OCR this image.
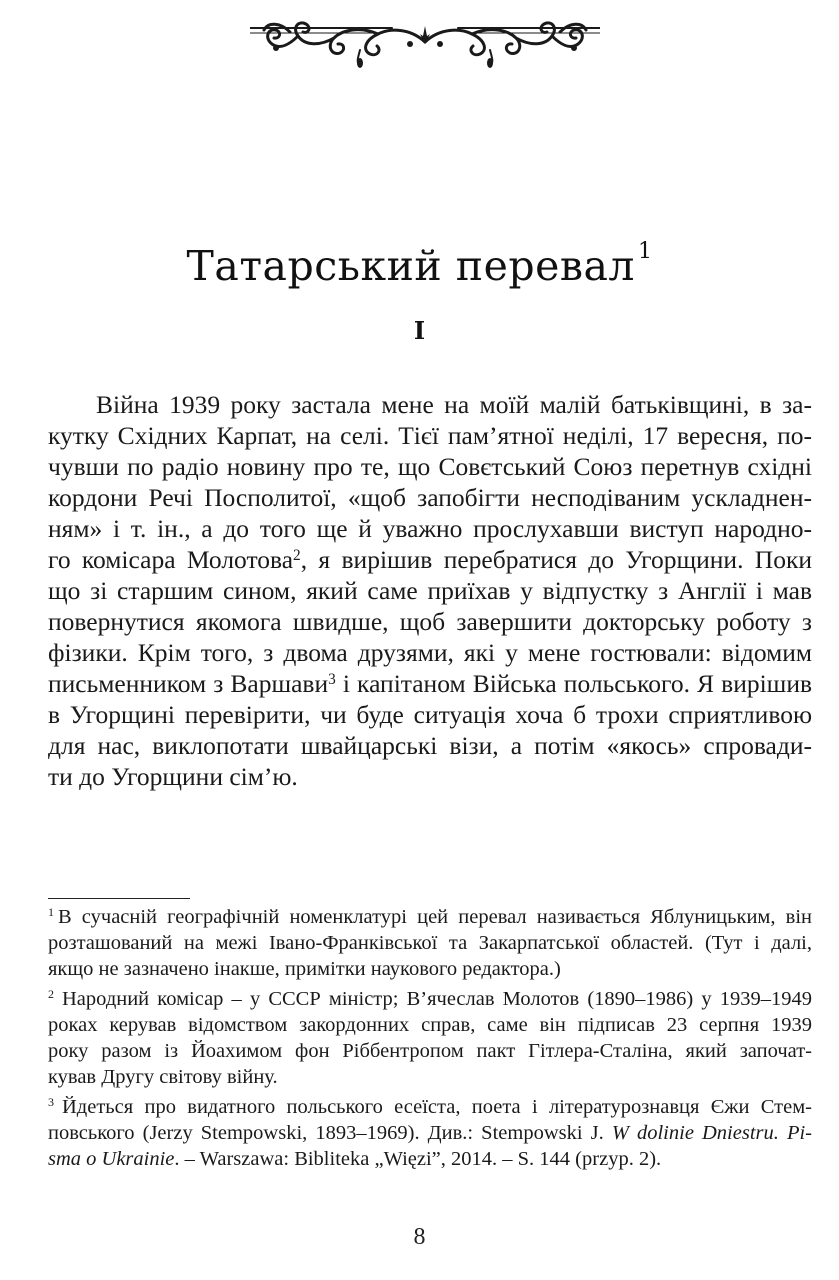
Татарський перевал $^1$
I
Війна 1939 року застала мене на моїй малій батьківщині, в за-
кутку Східних Карпат, на селі. Тієї пам’ятної неділі, 17 вересня, по-
чувши по радіо новину про те, що Совєтський Союз перетнув східні
кордони Речі Посполитої, «щоб запобігти несподіваним ускладнен-
ням» і т. ін., а до того ще й уважно прослухавши виступ народно-
го комісара Молотова$^2$, я вирішив перебратися до Угорщини. Поки
що зі старшим сином, який саме приїхав у відпустку з Англії і мав
повернутися якомога швидше, щоб завершити докторську роботу з
фізики. Крім того, з двома друзями, які у мене гостювали: відомим
письменником з Варшави$^3$ і капітаном Війська польського. Я вирішив
в Угорщині перевірити, чи буде ситуація хоча б трохи сприятливою
для нас, виклопотати швайцарські візи, а потім «якось» спровади-
ти до Угорщини сім’ю.
$^1$ В сучасній географічній номенклатурі цей перевал називається Яблуницьким, він
розташований на межі Івано-Франківської та Закарпатської областей. (Тут і далі,
якщо не зазначено інакше, примітки наукового редактора.)
$^2$ Народний комісар – у СССР міністр; В’ячеслав Молотов (1890–1986) у 1939–1949
роках керував відомством закордонних справ, саме він підписав 23 серпня 1939
року разом із Йоахимом фон Ріббентропом пакт Гітлера-Сталіна, який започат-
кував Другу світову війну.
$^3$ Йдеться про видатного польського есеїста, поета і літературознавця Єжи Стем-
повського (Jerzy Stempowski, 1893–1969). Див.: Stempowski J. W dolinie Dniestru. Pi-
sma o Ukrainie. – Warszawa: Bibliteka „Więzi”, 2014. – S. 144 (przyp. 2).
8
